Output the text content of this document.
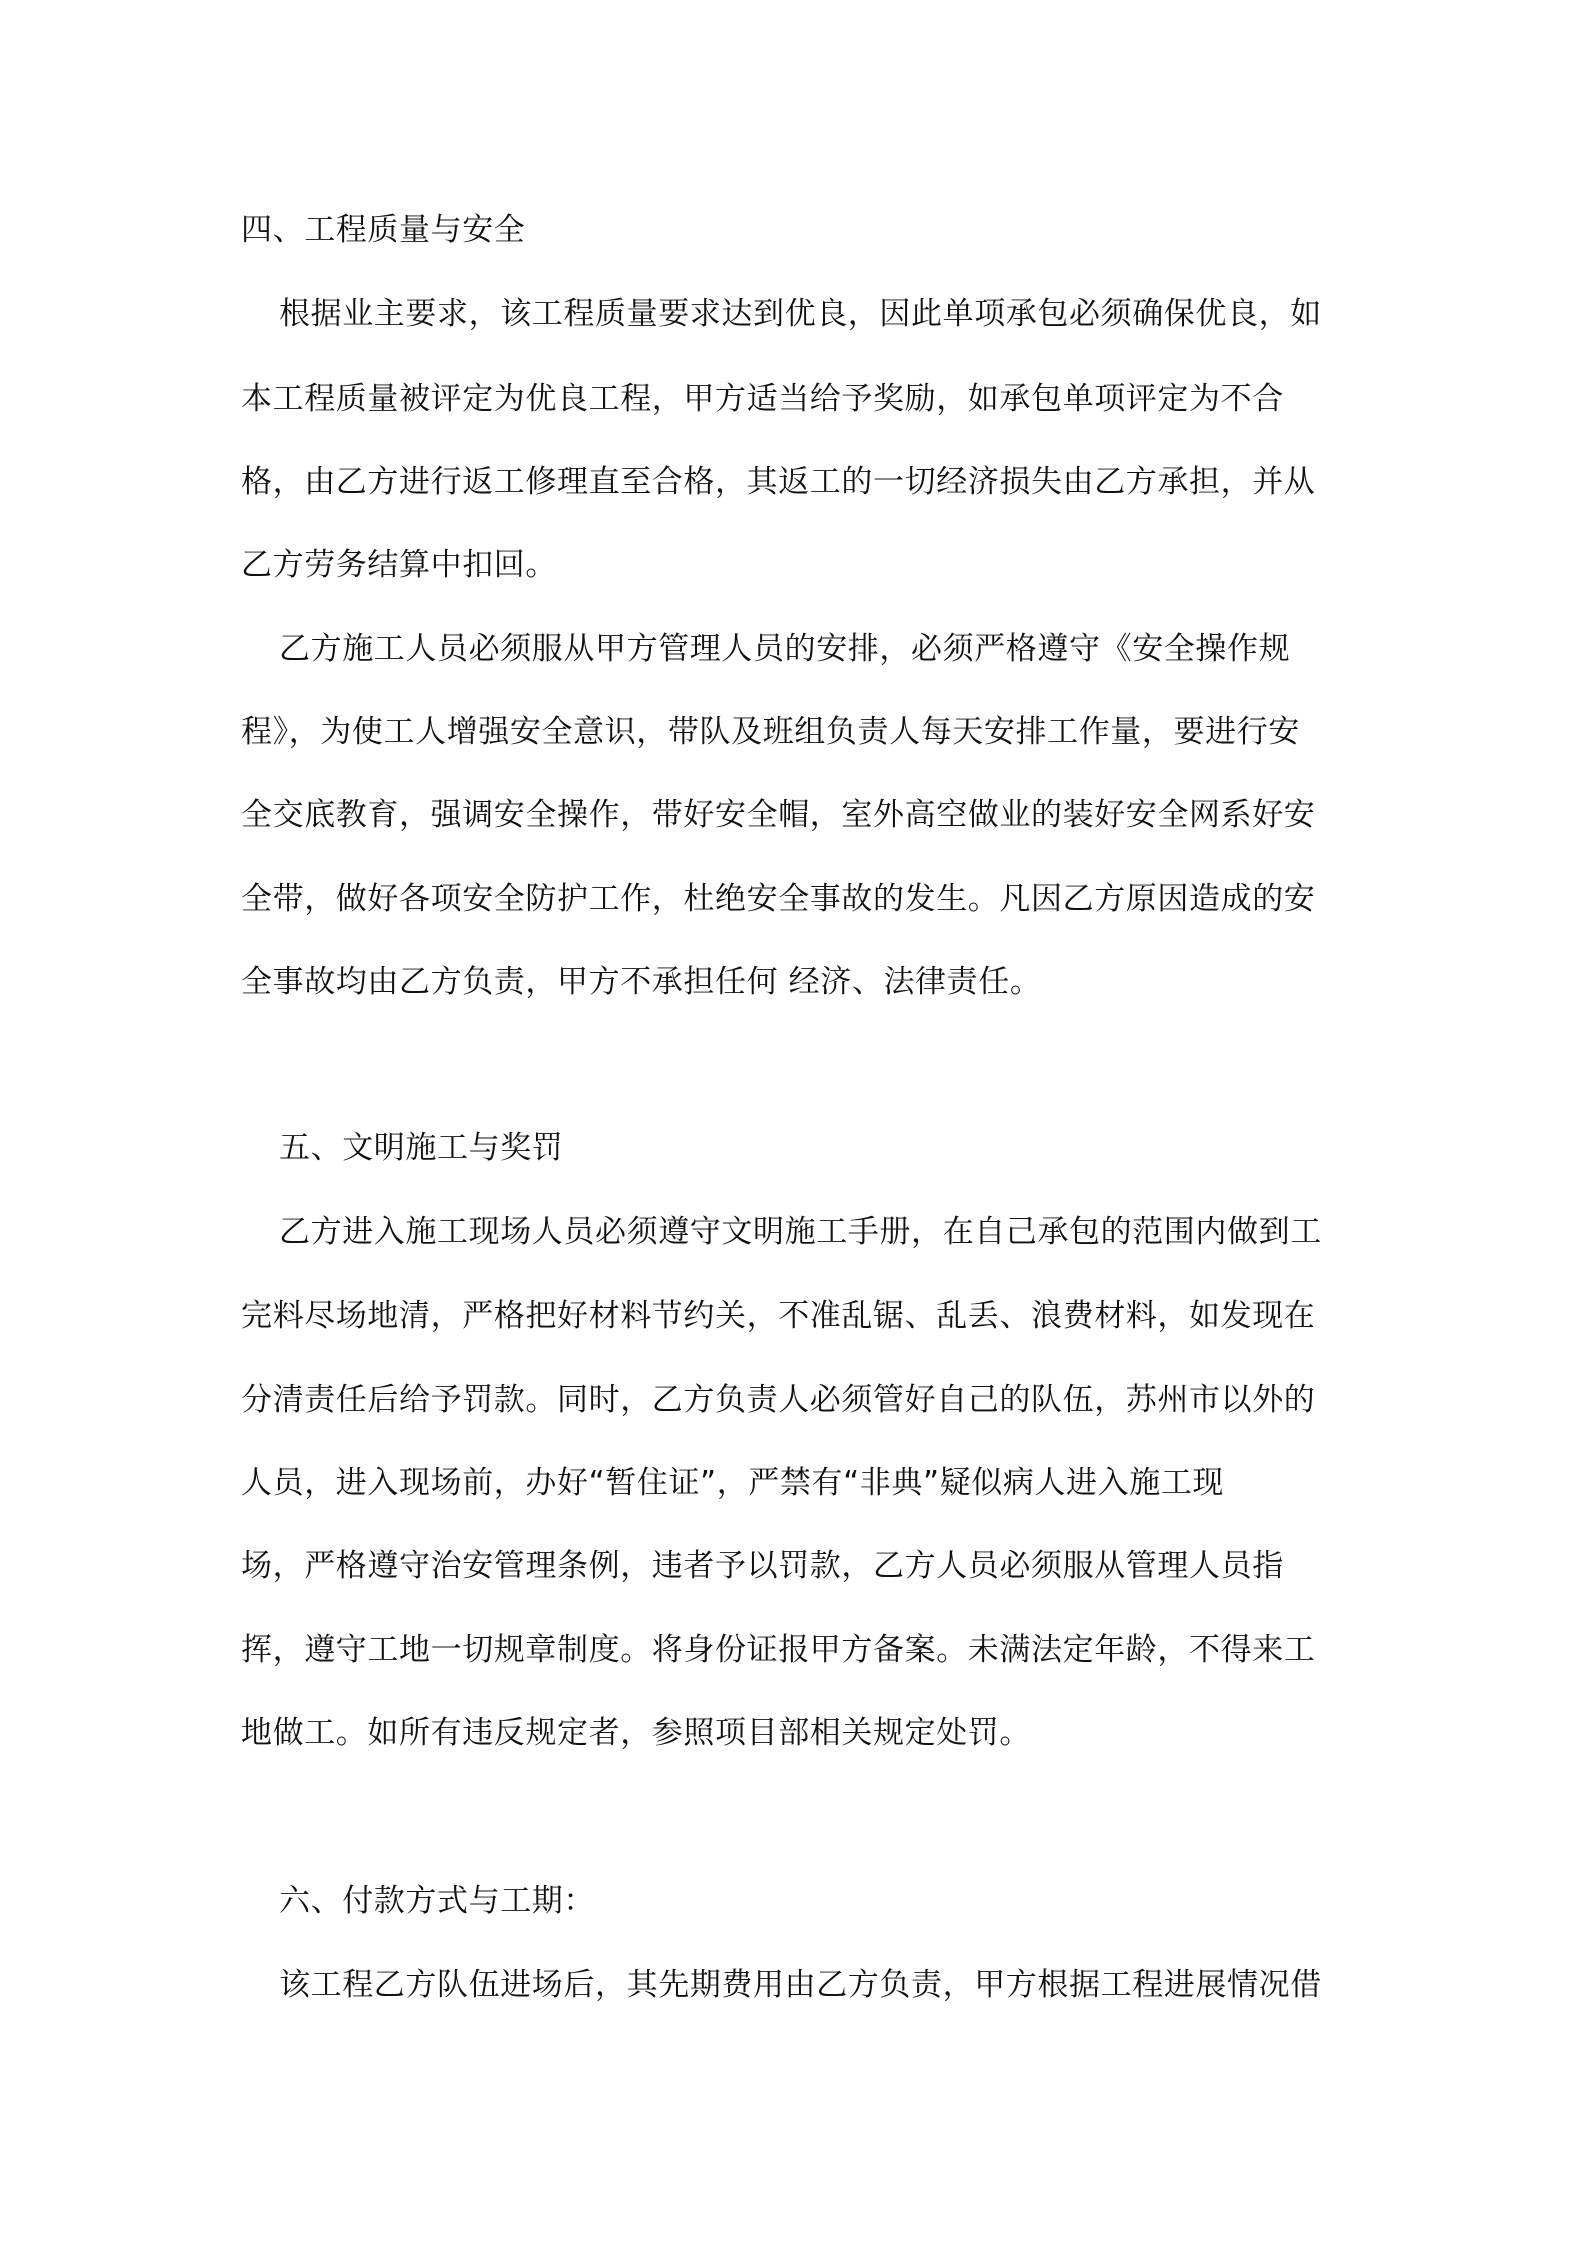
四、工程质量与安全

根据业主要求，该工程质量要求达到优良，因此单项承包必须确保优良，如

本工程质量被评定为优良工程，甲方适当给予奖励，如承包单项评定为不合

格，由乙方进行返工修理直至合格，其返工的一切经济损失由乙方承担，并从

乙方劳务结算中扣回。

乙方施工人员必须服从甲方管理人员的安排，必须严格遵守《安全操作规

程》，为使工人增强安全意识，带队及班组负责人每天安排工作量，要进行安

全交底教育，强调安全操作，带好安全帽，室外高空做业的装好安全网系好安

全带，做好各项安全防护工作，杜绝安全事故的发生。凡因乙方原因造成的安

全事故均由乙方负责，甲方不承担任何 经济、法律责任。

五、文明施工与奖罚

乙方进入施工现场人员必须遵守文明施工手册，在自己承包的范围内做到工

完料尽场地清，严格把好材料节约关，不准乱锯、乱丢、浪费材料，如发现在

分清责任后给予罚款。同时，乙方负责人必须管好自己的队伍，苏州市以外的

人员，进入现场前，办好“暂住证”，严禁有“非典”疑似病人进入施工现

场，严格遵守治安管理条例，违者予以罚款，乙方人员必须服从管理人员指

挥，遵守工地一切规章制度。将身份证报甲方备案。未满法定年龄，不得来工

地做工。如所有违反规定者，参照项目部相关规定处罚。

六、付款方式与工期：

该工程乙方队伍进场后，其先期费用由乙方负责，甲方根据工程进展情况借
